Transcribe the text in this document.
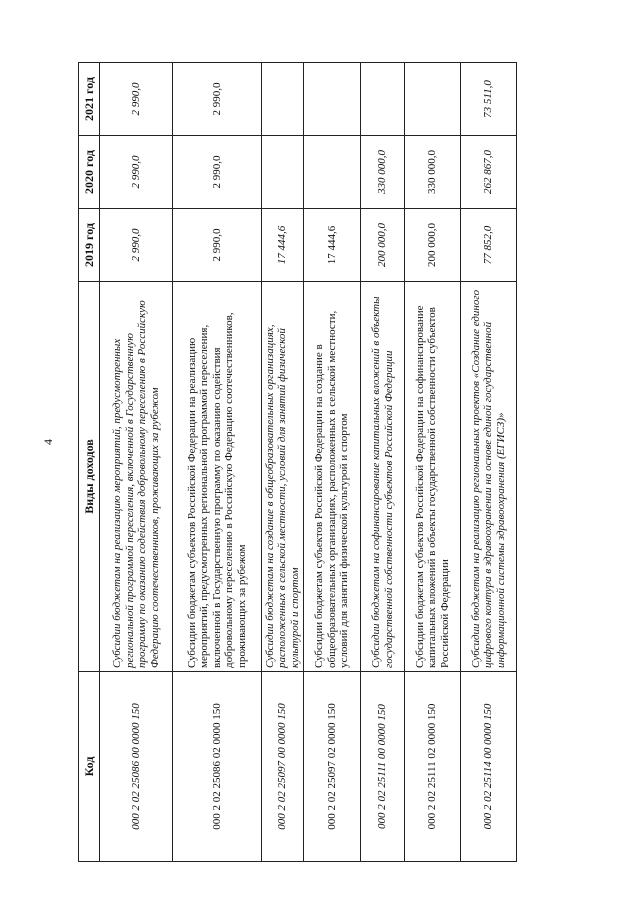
4
Код	Виды доходов	2019 год	2020 год	2021 год
000 2 02 25086 00 0000 150	Субсидии бюджетам на реализацию мероприятий, предусмотренных региональной программой переселения, включенной в Государственную программу по оказанию содействия добровольному переселению в Российскую Федерацию соотечественников, проживающих за рубежом	2 990,0	2 990,0	2 990,0
000 2 02 25086 02 0000 150	Субсидии бюджетам субъектов Российской Федерации на реализацию мероприятий, предусмотренных региональной программой переселения, включенной в Государственную программу по оказанию содействия добровольному переселению в Российскую Федерацию соотечественников, проживающих за рубежом	2 990,0	2 990,0	2 990,0
000 2 02 25097 00 0000 150	Субсидии бюджетам на создание в общеобразовательных организациях, расположенных в сельской местности, условий для занятий физической культурой и спортом	17 444,6		
000 2 02 25097 02 0000 150	Субсидии бюджетам субъектов Российской Федерации на создание в общеобразовательных организациях, расположенных в сельской местности, условий для занятий физической культурой и спортом	17 444,6		
000 2 02 25111 00 0000 150	Субсидии бюджетам на софинансирование капитальных вложений в объекты государственной собственности субъектов Российской Федерации	200 000,0	330 000,0	
000 2 02 25111 02 0000 150	Субсидии бюджетам субъектов Российской Федерации на софинансирование капитальных вложений в объекты государственной собственности субъектов Российской Федерации	200 000,0	330 000,0	
000 2 02 25114 00 0000 150	Субсидии бюджетам на реализацию региональных проектов «Создание единого цифрового контура в здравоохранении на основе единой государственной информационной системы здравоохранения (ЕГИСЗ)»	77 852,0	262 867,0	73 511,0
